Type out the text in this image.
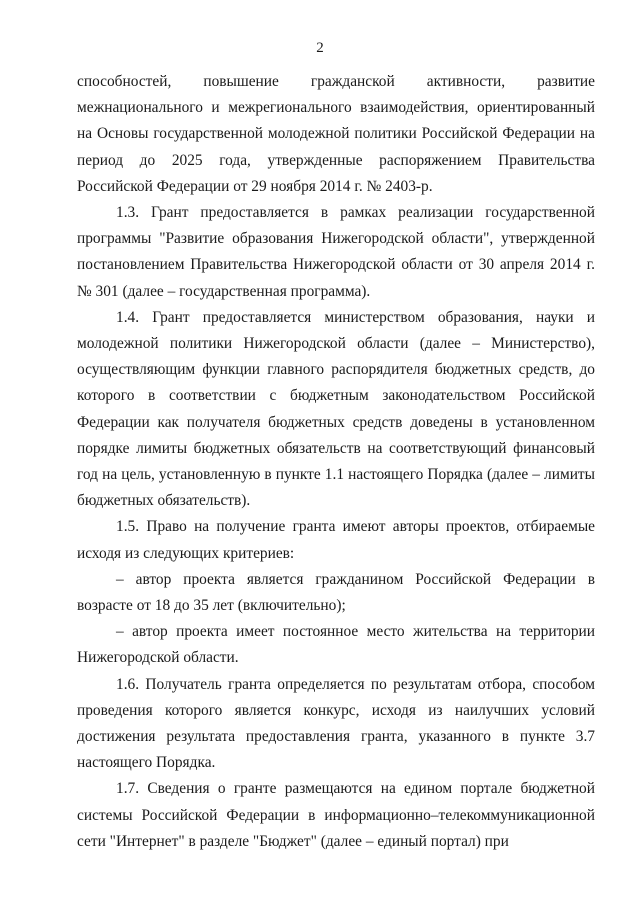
2

способностей, повышение гражданской активности, развитие межнационального и межрегионального взаимодействия, ориентированный на Основы государственной молодежной политики Российской Федерации на период до 2025 года, утвержденные распоряжением Правительства Российской Федерации от 29 ноября 2014 г. № 2403-р.

1.3. Грант предоставляется в рамках реализации государственной программы "Развитие образования Нижегородской области", утвержденной постановлением Правительства Нижегородской области от 30 апреля 2014 г. № 301 (далее – государственная программа).

1.4. Грант предоставляется министерством образования, науки и молодежной политики Нижегородской области (далее – Министерство), осуществляющим функции главного распорядителя бюджетных средств, до которого в соответствии с бюджетным законодательством Российской Федерации как получателя бюджетных средств доведены в установленном порядке лимиты бюджетных обязательств на соответствующий финансовый год на цель, установленную в пункте 1.1 настоящего Порядка (далее – лимиты бюджетных обязательств).

1.5. Право на получение гранта имеют авторы проектов, отбираемые исходя из следующих критериев:

– автор проекта является гражданином Российской Федерации в возрасте от 18 до 35 лет (включительно);

– автор проекта имеет постоянное место жительства на территории Нижегородской области.

1.6. Получатель гранта определяется по результатам отбора, способом проведения которого является конкурс, исходя из наилучших условий достижения результата предоставления гранта, указанного в пункте 3.7 настоящего Порядка.

1.7. Сведения о гранте размещаются на едином портале бюджетной системы Российской Федерации в информационно–телекоммуникационной сети "Интернет" в разделе "Бюджет" (далее – единый портал) при
